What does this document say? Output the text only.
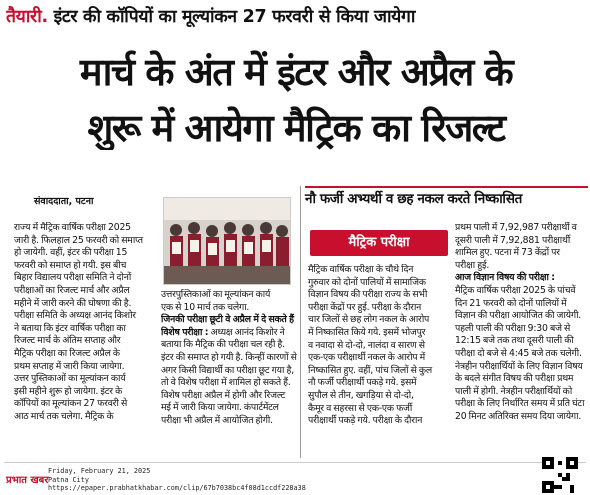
तैयारी. इंटर की कॉपियों का मूल्यांकन 27 फरवरी से किया जायेगा
मार्च के अंत में इंटर और अप्रैल के
शुरू में आयेगा मैट्रिक का रिजल्ट
संवाददाता, पटना

राज्य में मैट्रिक वार्षिक परीक्षा 2025

जारी है. फिलहाल 25 फरवरी को समाप्त

हो जायेगी. वहीं, इंटर की परीक्षा 15

फरवरी को समाप्त हो गयी. इस बीच

बिहार विद्यालय परीक्षा समिति ने दोनों

परीक्षाओं का रिजल्ट मार्च और अप्रैल

महीने में जारी करने की घोषणा की है.

परीक्षा समिति के अध्यक्ष आनंद किशोर

ने बताया कि इंटर वार्षिक परीक्षा का

रिजल्ट मार्च के अंतिम सप्ताह और

मैट्रिक परीक्षा का रिजल्ट अप्रैल के

प्रथम सप्ताह में जारी किया जायेगा.

उत्तर पुस्तिकाओं का मूल्यांकन कार्य

इसी महीने शुरू हो जायेगा. इंटर के

कॉपियों का मूल्यांकन 27 फरवरी से

आठ मार्च तक चलेगा. मैट्रिक के

उत्तरपुस्तिकाओं का मूल्यांकन कार्य

एक से 10 मार्च तक चलेगा.

जिनकी परीक्षा छूटी वे अप्रैल में दे सकते हैं विशेष परीक्षा : अध्यक्ष आनंद किशोर ने बताया कि मैट्रिक की परीक्षा चल रही है. इंटर की समाप्त हो गयी है. किन्हीं कारणों से अगर किसी विद्यार्थी का परीक्षा छूट गया है, तो वे विशेष परीक्षा में शामिल हो सकते हैं. विशेष परीक्षा अप्रैल में होगी और रिजल्ट मई में जारी किया जायेगा. कंपार्टमेंटल परीक्षा भी अप्रैल में आयोजित होगी.

नौ फर्जी अभ्यर्थी व छह नकल करते निष्कासित
मैट्रिक परीक्षा

मैट्रिक वार्षिक परीक्षा के चौथे दिन

गुरुवार को दोनों पालियों में सामाजिक

विज्ञान विषय की परीक्षा राज्य के सभी

परीक्षा केंद्रों पर हुई. परीक्षा के दौरान

चार जिलों से छह लोग नकल के आरोप

में निष्कासित किये गये. इसमें भोजपुर

व नवादा से दो-दो, नालंदा व सारण से

एक-एक परीक्षार्थी नकल के आरोप में

निष्कासित हुए. वहीं, पांच जिलों से कुल

नौ फर्जी परीक्षार्थी पकड़े गये. इसमें

सुपौल से तीन, खगड़िया से दो-दो,

कैमूर व सहरसा से एक-एक फर्जी

परीक्षार्थी पकड़े गये. परीक्षा के दौरान

प्रथम पाली में 7,92,987 परीक्षार्थी व

दूसरी पाली में 7,92,881 परीक्षार्थी

शामिल हुए. पटना में 73 केंद्रों पर

परीक्षा हुई.

आज विज्ञान विषय की परीक्षा :

मैट्रिक वार्षिक परीक्षा 2025 के पांचवें

दिन 21 फरवरी को दोनों पालियों में

विज्ञान की परीक्षा आयोजित की जायेगी.

पहली पाली की परीक्षा 9:30 बजे से

12:15 बजे तक तथा दूसरी पाली की

परीक्षा दो बजे से 4:45 बजे तक चलेगी.

नेत्रहीन परीक्षार्थियों के लिए विज्ञान विषय

के बदले संगीत विषय की परीक्षा प्रथम

पाली में होगी. नेत्रहीन परीक्षार्थियों को

परीक्षा के लिए निर्धारित समय में प्रति घंटा

20 मिनट अतिरिक्त समय दिया जायेगा.

प्रभात खबर
Friday, February 21, 2025
Patna City
https://epaper.prabhatkhabar.com/clip/67b7038bc4f08d1ccdf228a38
